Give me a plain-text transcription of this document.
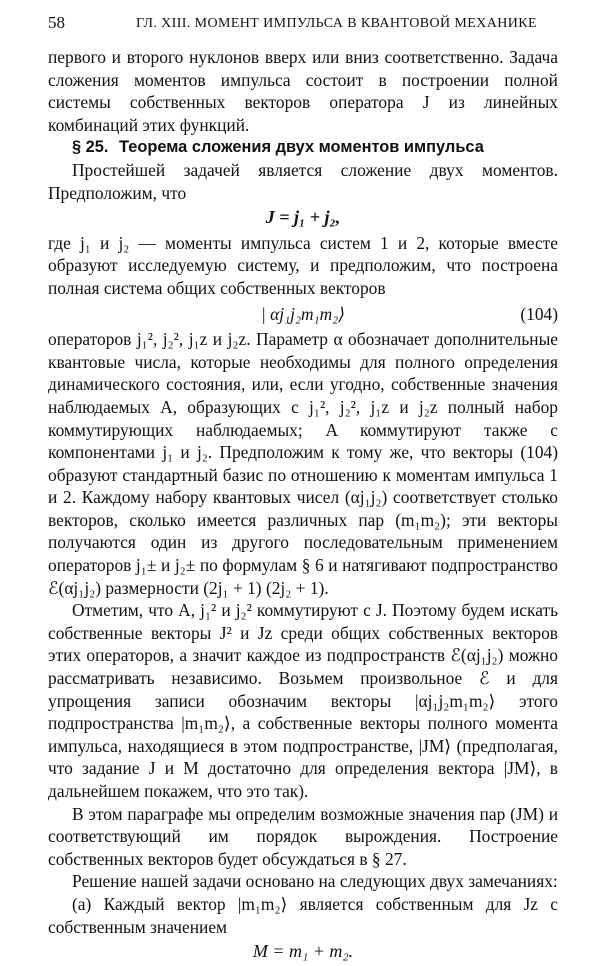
58	ГЛ. XIII. МОМЕНТ ИМПУЛЬСА В КВАНТОВОЙ МЕХАНИКЕ

первого и второго нуклонов вверх или вниз соответственно. Задача сложения моментов импульса состоит в построении полной системы собственных векторов оператора J из линейных комбинаций этих функций.

§ 25. Теорема сложения двух моментов импульса

Простейшей задачей является сложение двух моментов. Предположим, что

J = j₁ + j₂,

где j₁ и j₂ — моменты импульса систем 1 и 2, которые вместе образуют исследуемую систему, и предположим, что построена полная система общих собственных векторов

| αj₁j₂m₁m₂⟩	(104)

операторов j₁², j₂², j₁z и j₂z. Параметр α обозначает дополнительные квантовые числа, которые необходимы для полного определения динамического состояния, или, если угодно, собственные значения наблюдаемых A, образующих с j₁², j₂², j₁z и j₂z полный набор коммутирующих наблюдаемых; A коммутируют также с компонентами j₁ и j₂. Предположим к тому же, что векторы (104) образуют стандартный базис по отношению к моментам импульса 1 и 2. Каждому набору квантовых чисел (αj₁j₂) соответствует столько векторов, сколько имеется различных пар (m₁m₂); эти векторы получаются один из другого последовательным применением операторов j₁± и j₂± по формулам § 6 и натягивают подпространство ℰ(αj₁j₂) размерности (2j₁ + 1) (2j₂ + 1).

Отметим, что A, j₁² и j₂² коммутируют с J. Поэтому будем искать собственные векторы J² и Jz среди общих собственных векторов этих операторов, а значит каждое из подпространств ℰ(αj₁j₂) можно рассматривать независимо. Возьмем произвольное ℰ и для упрощения записи обозначим векторы |αj₁j₂m₁m₂⟩ этого подпространства |m₁m₂⟩, а собственные векторы полного момента импульса, находящиеся в этом подпространстве, |JM⟩ (предполагая, что задание J и M достаточно для определения вектора |JM⟩, в дальнейшем покажем, что это так).

В этом параграфе мы определим возможные значения пар (JM) и соответствующий им порядок вырождения. Построение собственных векторов будет обсуждаться в § 27.

Решение нашей задачи основано на следующих двух замечаниях:

(а) Каждый вектор |m₁m₂⟩ является собственным для Jz с собственным значением

M = m₁ + m₂.
